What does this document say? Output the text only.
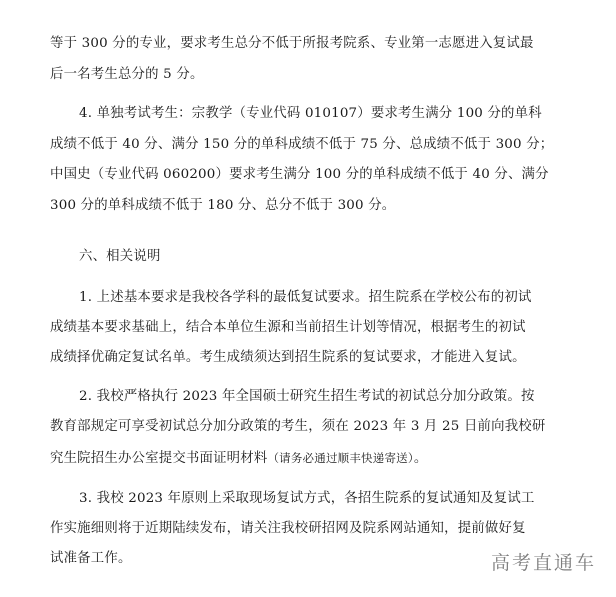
等于 300 分的专业，要求考生总分不低于所报考院系、专业第一志愿进入复试最
后一名考生总分的 5 分。
4. 单独考试考生：宗教学（专业代码 010107）要求考生满分 100 分的单科
成绩不低于 40 分、满分 150 分的单科成绩不低于 75 分、总成绩不低于 300 分；
中国史（专业代码 060200）要求考生满分 100 分的单科成绩不低于 40 分、满分
300 分的单科成绩不低于 180 分、总分不低于 300 分。
六、相关说明
1. 上述基本要求是我校各学科的最低复试要求。招生院系在学校公布的初试
成绩基本要求基础上，结合本单位生源和当前招生计划等情况，根据考生的初试
成绩择优确定复试名单。考生成绩须达到招生院系的复试要求，才能进入复试。
2. 我校严格执行 2023 年全国硕士研究生招生考试的初试总分加分政策。按
教育部规定可享受初试总分加分政策的考生，须在 2023 年 3 月 25 日前向我校研
究生院招生办公室提交书面证明材料（请务必通过顺丰快递寄送）。
3. 我校 2023 年原则上采取现场复试方式，各招生院系的复试通知及复试工
作实施细则将于近期陆续发布，请关注我校研招网及院系网站通知，提前做好复
试准备工作。	高考直通车
